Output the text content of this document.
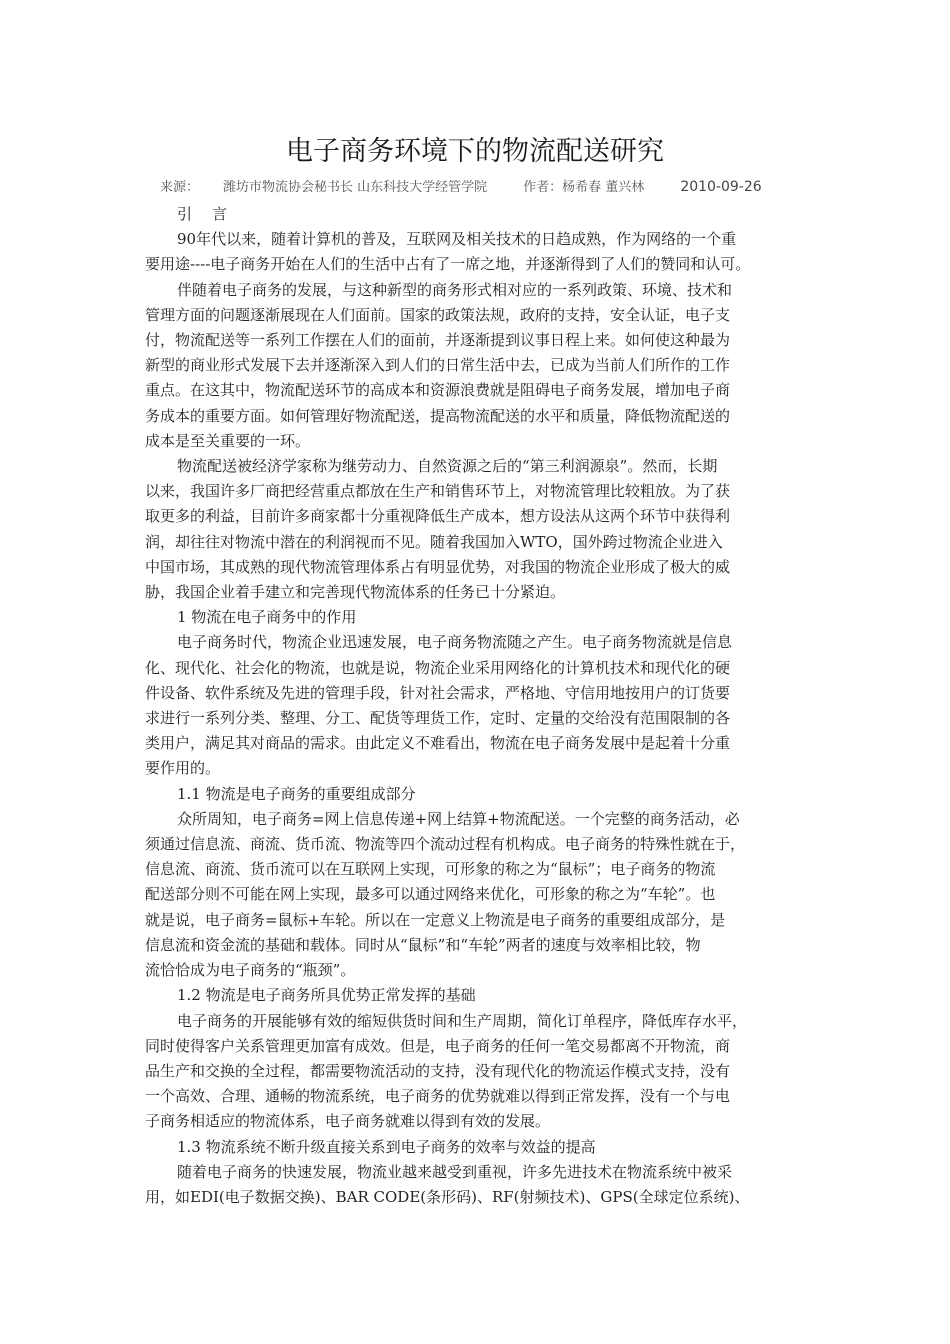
电子商务环境下的物流配送研究
来源： 潍坊市物流协会秘书长 山东科技大学经管学院	作者：杨希春 董兴林	2010-09-26

引言

90年代以来，随着计算机的普及，互联网及相关技术的日趋成熟，作为网络的一个重
要用途----电子商务开始在人们的生活中占有了一席之地，并逐渐得到了人们的赞同和认可。

伴随着电子商务的发展，与这种新型的商务形式相对应的一系列政策、环境、技术和
管理方面的问题逐渐展现在人们面前。国家的政策法规，政府的支持，安全认证，电子支
付，物流配送等一系列工作摆在人们的面前，并逐渐提到议事日程上来。如何使这种最为
新型的商业形式发展下去并逐渐深入到人们的日常生活中去，已成为当前人们所作的工作
重点。在这其中，物流配送环节的高成本和资源浪费就是阻碍电子商务发展，增加电子商
务成本的重要方面。如何管理好物流配送，提高物流配送的水平和质量，降低物流配送的
成本是至关重要的一环。

物流配送被经济学家称为继劳动力、自然资源之后的“第三利润源泉”。然而，长期
以来，我国许多厂商把经营重点都放在生产和销售环节上，对物流管理比较粗放。为了获
取更多的利益，目前许多商家都十分重视降低生产成本，想方设法从这两个环节中获得利
润，却往往对物流中潜在的利润视而不见。随着我国加入WTO，国外跨过物流企业进入
中国市场，其成熟的现代物流管理体系占有明显优势，对我国的物流企业形成了极大的威
胁，我国企业着手建立和完善现代物流体系的任务已十分紧迫。

1 物流在电子商务中的作用

电子商务时代，物流企业迅速发展，电子商务物流随之产生。电子商务物流就是信息
化、现代化、社会化的物流，也就是说，物流企业采用网络化的计算机技术和现代化的硬
件设备、软件系统及先进的管理手段，针对社会需求，严格地、守信用地按用户的订货要
求进行一系列分类、整理、分工、配货等理货工作，定时、定量的交给没有范围限制的各
类用户，满足其对商品的需求。由此定义不难看出，物流在电子商务发展中是起着十分重
要作用的。

1.1 物流是电子商务的重要组成部分

众所周知，电子商务=网上信息传递+网上结算+物流配送。一个完整的商务活动，必
须通过信息流、商流、货币流、物流等四个流动过程有机构成。电子商务的特殊性就在于，
信息流、商流、货币流可以在互联网上实现，可形象的称之为“鼠标”；电子商务的物流
配送部分则不可能在网上实现，最多可以通过网络来优化，可形象的称之为“车轮”。也
就是说，电子商务=鼠标+车轮。所以在一定意义上物流是电子商务的重要组成部分，是
信息流和资金流的基础和载体。同时从“鼠标”和“车轮”两者的速度与效率相比较，物
流恰恰成为电子商务的“瓶颈”。

1.2 物流是电子商务所具优势正常发挥的基础

电子商务的开展能够有效的缩短供货时间和生产周期，简化订单程序，降低库存水平，
同时使得客户关系管理更加富有成效。但是，电子商务的任何一笔交易都离不开物流，商
品生产和交换的全过程，都需要物流活动的支持，没有现代化的物流运作模式支持，没有
一个高效、合理、通畅的物流系统，电子商务的优势就难以得到正常发挥，没有一个与电
子商务相适应的物流体系，电子商务就难以得到有效的发展。

1.3 物流系统不断升级直接关系到电子商务的效率与效益的提高

随着电子商务的快速发展，物流业越来越受到重视，许多先进技术在物流系统中被采
用，如EDI(电子数据交换)、BAR CODE(条形码)、RF(射频技术)、GPS(全球定位系统)、
